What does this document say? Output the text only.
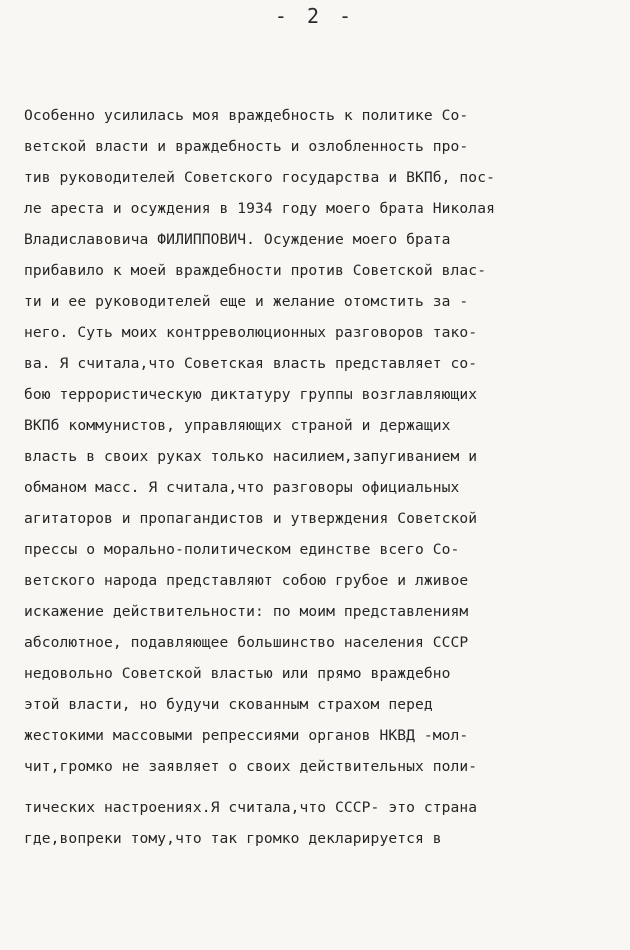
- 2 -
Особенно усилилась моя враждебность к политике Со-
ветской власти и враждебность и озлобленность про-
тив руководителей Советского государства и ВКПб, пос-
ле ареста и осуждения в 1934 году моего брата Николая
Владиславовича ФИЛИППОВИЧ. Осуждение моего брата
прибавило к моей враждебности против Советской влас-
ти и ее руководителей еще и желание отомстить за -
него. Суть моих контрреволюционных разговоров тако-
ва. Я считала,что Советская власть представляет со-
бою террористическую диктатуру группы возглавляющих
ВКПб коммунистов, управляющих страной и держащих
власть в своих руках только насилием,запугиванием и
обманом масс. Я считала,что разговоры официальных
агитаторов и пропагандистов и утверждения Советской
прессы о морально-политическом единстве всего Со-
ветского народа представляют собою грубое и лживое
искажение действительности: по моим представлениям
абсолютное, подавляющее большинство населения СССР
недовольно Советской властью или прямо враждебно
этой власти, но будучи скованным страхом перед
жестокими массовыми репрессиями органов НКВД -мол-
чит,громко не заявляет о своих действительных поли-
тических настроениях.Я считала,что СССР- это страна
где,вопреки тому,что так громко декларируется в
